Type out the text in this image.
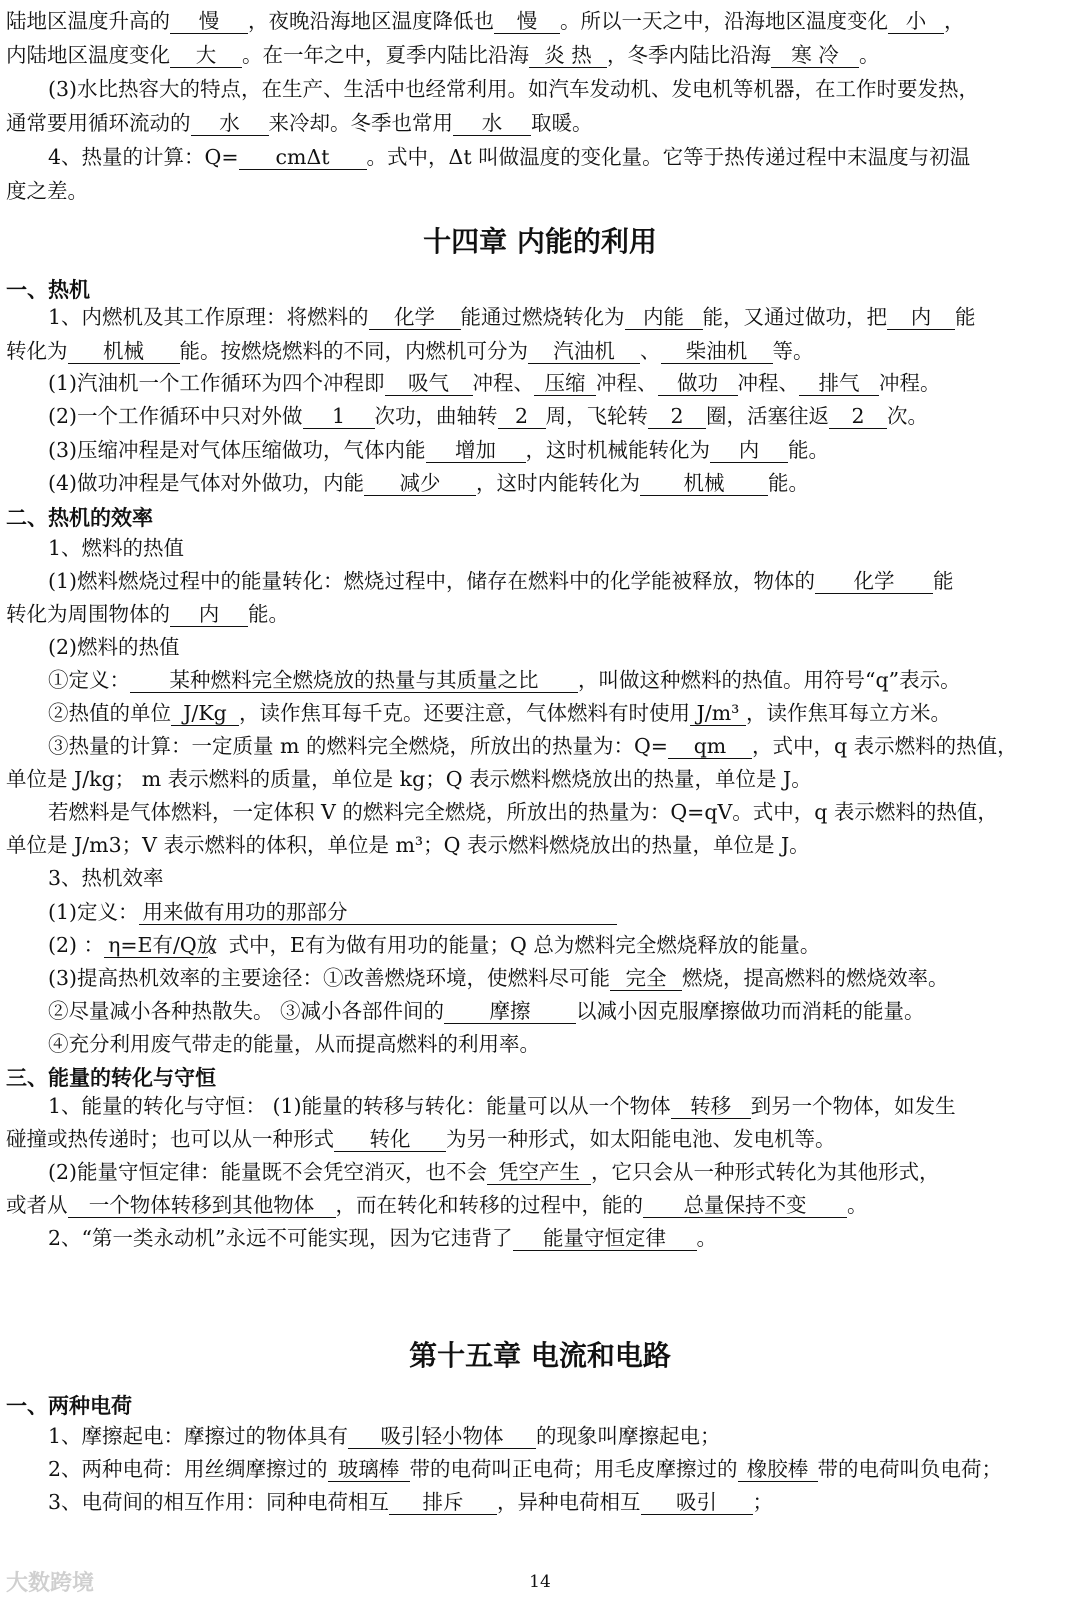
陆地区温度升高的 慢 ，夜晚沿海地区温度降低也 慢 。所以一天之中，沿海地区温度变化 小 ，
内陆地区温度变化 大 。在一年之中，夏季内陆比沿海 炎 热 ，冬季内陆比沿海 寒 冷 。
(3)水比热容大的特点，在生产、生活中也经常利用。如汽车发动机、发电机等机器，在工作时要发热，
通常要用循环流动的 水 来冷却。冬季也常用 水 取暖。
4、热量的计算：Q= cmΔt 。式中，Δt 叫做温度的变化量。它等于热传递过程中末温度与初温
度之差。
十四章 内能的利用
一、热机
1、内燃机及其工作原理：将燃料的 化学 能通过燃烧转化为 内能 能，又通过做功，把 内 能
转化为 机械 能。按燃烧燃料的不同，内燃机可分为 汽油机 、 柴油机 等。
(1)汽油机一个工作循环为四个冲程即 吸气 冲程、 压缩 冲程、 做功 冲程、 排气 冲程。
(2)一个工作循环中只对外做 1 次功，曲轴转 2 周，飞轮转 2 圈，活塞往返 2 次。
(3)压缩冲程是对气体压缩做功，气体内能 增加 ，这时机械能转化为 内 能。
(4)做功冲程是气体对外做功，内能 减少 ，这时内能转化为 机械 能。
二、热机的效率
1、燃料的热值
(1)燃料燃烧过程中的能量转化：燃烧过程中，储存在燃料中的化学能被释放，物体的 化学 能
转化为周围物体的 内 能。
(2)燃料的热值
①定义： 某种燃料完全燃烧放的热量与其质量之比 ，叫做这种燃料的热值。用符号“q”表示。
②热值的单位 J/Kg ，读作焦耳每千克。还要注意，气体燃料有时使用 J/m³ ，读作焦耳每立方米。
③热量的计算：一定质量 m 的燃料完全燃烧，所放出的热量为：Q= qm ，式中，q 表示燃料的热值，
单位是 J/kg； m 表示燃料的质量，单位是 kg；Q 表示燃料燃烧放出的热量，单位是 J。
若燃料是气体燃料，一定体积 V 的燃料完全燃烧，所放出的热量为：Q=qV。式中，q 表示燃料的热值，
单位是 J/m3；V 表示燃料的体积，单位是 m³；Q 表示燃料燃烧放出的热量，单位是 J。
3、热机效率
(1)定义： 用来做有用功的那部分
(2) ： η=E有/Q放。式中，E有为做有用功的能量；Q 总为燃料完全燃烧释放的能量。
(3)提高热机效率的主要途径：①改善燃烧环境，使燃料尽可能 完全 燃烧，提高燃料的燃烧效率。
②尽量减小各种热散失。 ③减小各部件间的 摩擦 以减小因克服摩擦做功而消耗的能量。
④充分利用废气带走的能量，从而提高燃料的利用率。
三、能量的转化与守恒
1、能量的转化与守恒： (1)能量的转移与转化：能量可以从一个物体 转移 到另一个物体，如发生
碰撞或热传递时；也可以从一种形式 转化 为另一种形式，如太阳能电池、发电机等。
(2)能量守恒定律：能量既不会凭空消灭，也不会 凭空产生 ，它只会从一种形式转化为其他形式，
或者从 一个物体转移到其他物体 ，而在转化和转移的过程中，能的 总量保持不变 。
2、“第一类永动机”永远不可能实现，因为它违背了 能量守恒定律 。
第十五章 电流和电路
一、两种电荷
1、摩擦起电：摩擦过的物体具有 吸引轻小物体 的现象叫摩擦起电；
2、两种电荷：用丝绸摩擦过的 玻璃棒 带的电荷叫正电荷；用毛皮摩擦过的 橡胶棒 带的电荷叫负电荷；
3、电荷间的相互作用：同种电荷相互 排斥 ，异种电荷相互 吸引 ；
大数跨境	14
